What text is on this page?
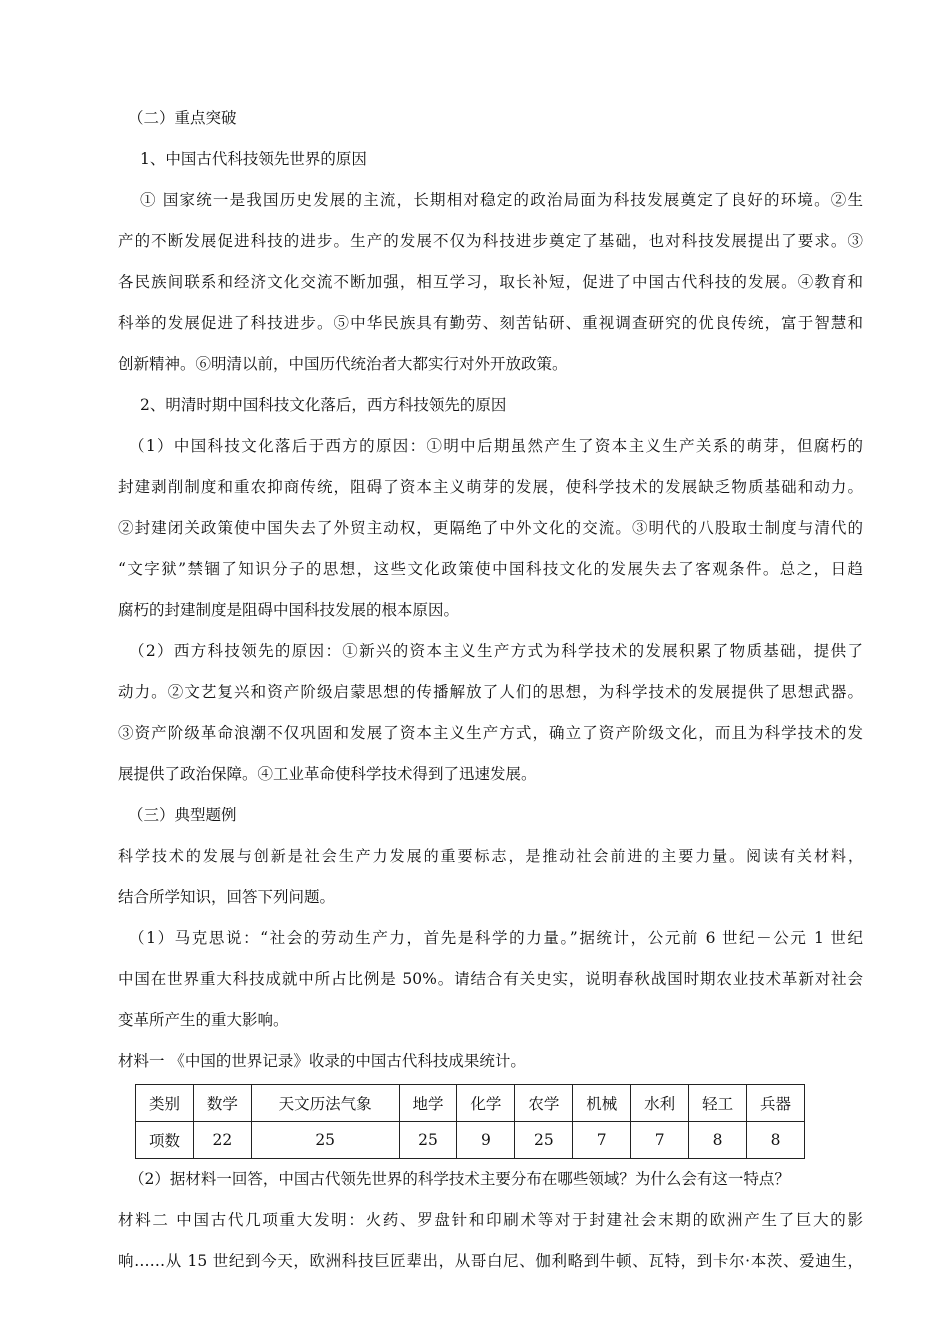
（二）重点突破

1、中国古代科技领先世界的原因

① 国家统一是我国历史发展的主流，长期相对稳定的政治局面为科技发展奠定了良好的环境。②生

产的不断发展促进科技的进步。生产的发展不仅为科技进步奠定了基础，也对科技发展提出了要求。③

各民族间联系和经济文化交流不断加强，相互学习，取长补短，促进了中国古代科技的发展。④教育和

科举的发展促进了科技进步。⑤中华民族具有勤劳、刻苦钻研、重视调查研究的优良传统，富于智慧和

创新精神。⑥明清以前，中国历代统治者大都实行对外开放政策。

2、明清时期中国科技文化落后，西方科技领先的原因

（1）中国科技文化落后于西方的原因：①明中后期虽然产生了资本主义生产关系的萌芽，但腐朽的

封建剥削制度和重农抑商传统，阻碍了资本主义萌芽的发展，使科学技术的发展缺乏物质基础和动力。

②封建闭关政策使中国失去了外贸主动权，更隔绝了中外文化的交流。③明代的八股取士制度与清代的

“文字狱”禁锢了知识分子的思想，这些文化政策使中国科技文化的发展失去了客观条件。总之，日趋

腐朽的封建制度是阻碍中国科技发展的根本原因。

（2）西方科技领先的原因：①新兴的资本主义生产方式为科学技术的发展积累了物质基础，提供了

动力。②文艺复兴和资产阶级启蒙思想的传播解放了人们的思想，为科学技术的发展提供了思想武器。

③资产阶级革命浪潮不仅巩固和发展了资本主义生产方式，确立了资产阶级文化，而且为科学技术的发

展提供了政治保障。④工业革命使科学技术得到了迅速发展。

（三）典型题例

科学技术的发展与创新是社会生产力发展的重要标志，是推动社会前进的主要力量。阅读有关材料，

结合所学知识，回答下列问题。

（1）马克思说：“社会的劳动生产力，首先是科学的力量。”据统计，公元前 6 世纪－公元 1 世纪

中国在世界重大科技成就中所占比例是 50%。请结合有关史实，说明春秋战国时期农业技术革新对社会

变革所产生的重大影响。

材料一 《中国的世界记录》收录的中国古代科技成果统计。

类别	数学	天文历法气象	地学	化学	农学	机械	水利	轻工	兵器
项数	22	25	25	9	25	7	7	8	8

（2）据材料一回答，中国古代领先世界的科学技术主要分布在哪些领域？为什么会有这一特点？

材料二 中国古代几项重大发明：火药、罗盘针和印刷术等对于封建社会末期的欧洲产生了巨大的影

响……从 15 世纪到今天，欧洲科技巨匠辈出，从哥白尼、伽利略到牛顿、瓦特，到卡尔·本茨、爱迪生，
